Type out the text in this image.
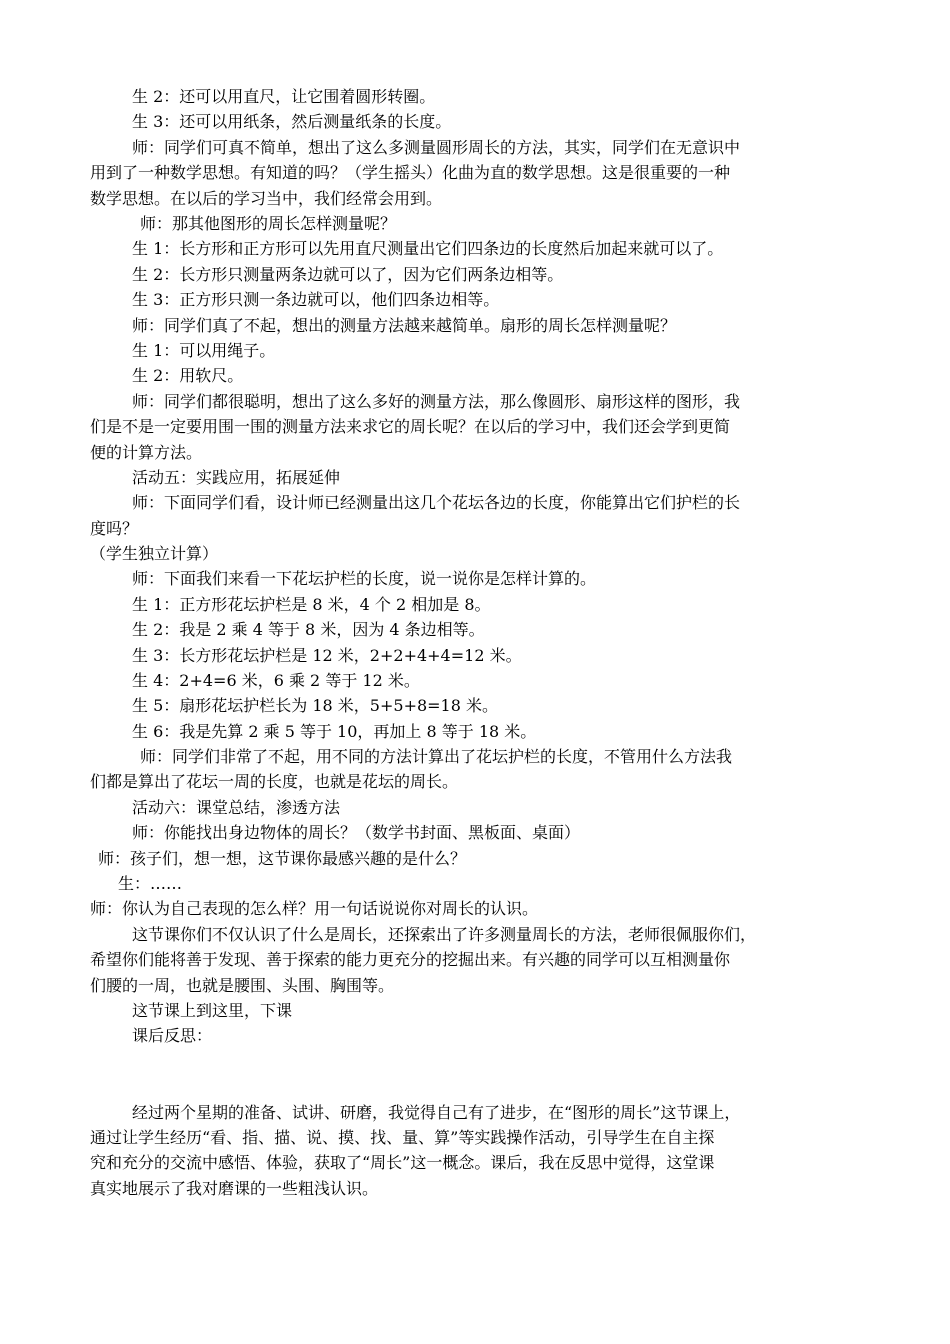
生 2：还可以用直尺，让它围着圆形转圈。
生 3：还可以用纸条，然后测量纸条的长度。
师：同学们可真不简单，想出了这么多测量圆形周长的方法，其实，同学们在无意识中
用到了一种数学思想。有知道的吗？（学生摇头）化曲为直的数学思想。这是很重要的一种
数学思想。在以后的学习当中，我们经常会用到。
师：那其他图形的周长怎样测量呢？
生 1：长方形和正方形可以先用直尺测量出它们四条边的长度然后加起来就可以了。
生 2：长方形只测量两条边就可以了，因为它们两条边相等。
生 3：正方形只测一条边就可以，他们四条边相等。
师：同学们真了不起，想出的测量方法越来越简单。扇形的周长怎样测量呢？
生 1：可以用绳子。
生 2：用软尺。
师：同学们都很聪明，想出了这么多好的测量方法，那么像圆形、扇形这样的图形，我
们是不是一定要用围一围的测量方法来求它的周长呢？在以后的学习中，我们还会学到更简
便的计算方法。
活动五：实践应用，拓展延伸
师：下面同学们看，设计师已经测量出这几个花坛各边的长度，你能算出它们护栏的长
度吗？
（学生独立计算）
师：下面我们来看一下花坛护栏的长度，说一说你是怎样计算的。
生 1：正方形花坛护栏是 8 米，4 个 2 相加是 8。
生 2：我是 2 乘 4 等于 8 米，因为 4 条边相等。
生 3：长方形花坛护栏是 12 米，2+2+4+4=12 米。
生 4：2+4=6 米，6 乘 2 等于 12 米。
生 5：扇形花坛护栏长为 18 米，5+5+8=18 米。
生 6：我是先算 2 乘 5 等于 10，再加上 8 等于 18 米。
师：同学们非常了不起，用不同的方法计算出了花坛护栏的长度，不管用什么方法我
们都是算出了花坛一周的长度，也就是花坛的周长。
活动六：课堂总结，渗透方法
师：你能找出身边物体的周长？（数学书封面、黑板面、桌面）
师：孩子们，想一想，这节课你最感兴趣的是什么？
生：……
师：你认为自己表现的怎么样？用一句话说说你对周长的认识。
这节课你们不仅认识了什么是周长，还探索出了许多测量周长的方法，老师很佩服你们，
希望你们能将善于发现、善于探索的能力更充分的挖掘出来。有兴趣的同学可以互相测量你
们腰的一周，也就是腰围、头围、胸围等。
这节课上到这里，下课
课后反思：
经过两个星期的准备、试讲、研磨，我觉得自己有了进步，在“图形的周长”这节课上，
通过让学生经历“看、指、描、说、摸、找、量、算”等实践操作活动，引导学生在自主探
究和充分的交流中感悟、体验，获取了“周长”这一概念。课后，我在反思中觉得，这堂课
真实地展示了我对磨课的一些粗浅认识。
